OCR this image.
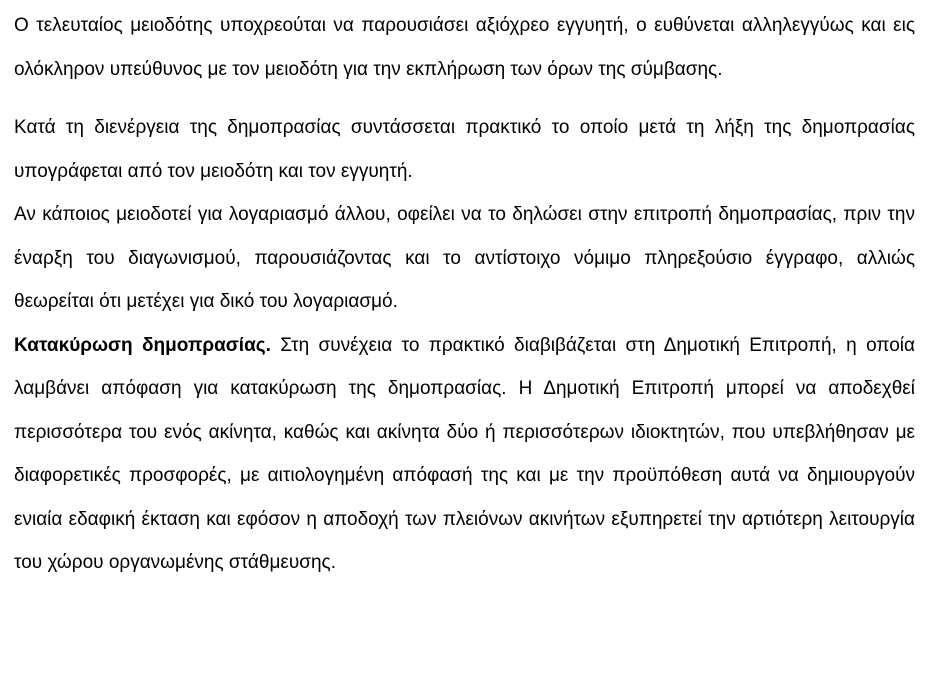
Ο τελευταίος μειοδότης υποχρεούται να παρουσιάσει αξιόχρεο εγγυητή, ο ευθύνεται αλληλεγγύως και εις ολόκληρον υπεύθυνος με τον μειοδότη για την εκπλήρωση των όρων της σύμβασης.

Κατά τη διενέργεια της δημοπρασίας συντάσσεται πρακτικό το οποίο μετά τη λήξη της δημοπρασίας υπογράφεται από τον μειοδότη και τον εγγυητή.

Αν κάποιος μειοδοτεί για λογαριασμό άλλου, οφείλει να το δηλώσει στην επιτροπή δημοπρασίας, πριν την έναρξη του διαγωνισμού, παρουσιάζοντας και το αντίστοιχο νόμιμο πληρεξούσιο έγγραφο, αλλιώς θεωρείται ότι μετέχει για δικό του λογαριασμό.

Κατακύρωση δημοπρασίας. Στη συνέχεια το πρακτικό διαβιβάζεται στη Δημοτική Επιτροπή, η οποία λαμβάνει απόφαση για κατακύρωση της δημοπρασίας. Η Δημοτική Επιτροπή μπορεί να αποδεχθεί περισσότερα του ενός ακίνητα, καθώς και ακίνητα δύο ή περισσότερων ιδιοκτητών, που υπεβλήθησαν με διαφορετικές προσφορές, με αιτιολογημένη απόφασή της και με την προϋπόθεση αυτά να δημιουργούν ενιαία εδαφική έκταση και εφόσον η αποδοχή των πλειόνων ακινήτων εξυπηρετεί την αρτιότερη λειτουργία του χώρου οργανωμένης στάθμευσης.
